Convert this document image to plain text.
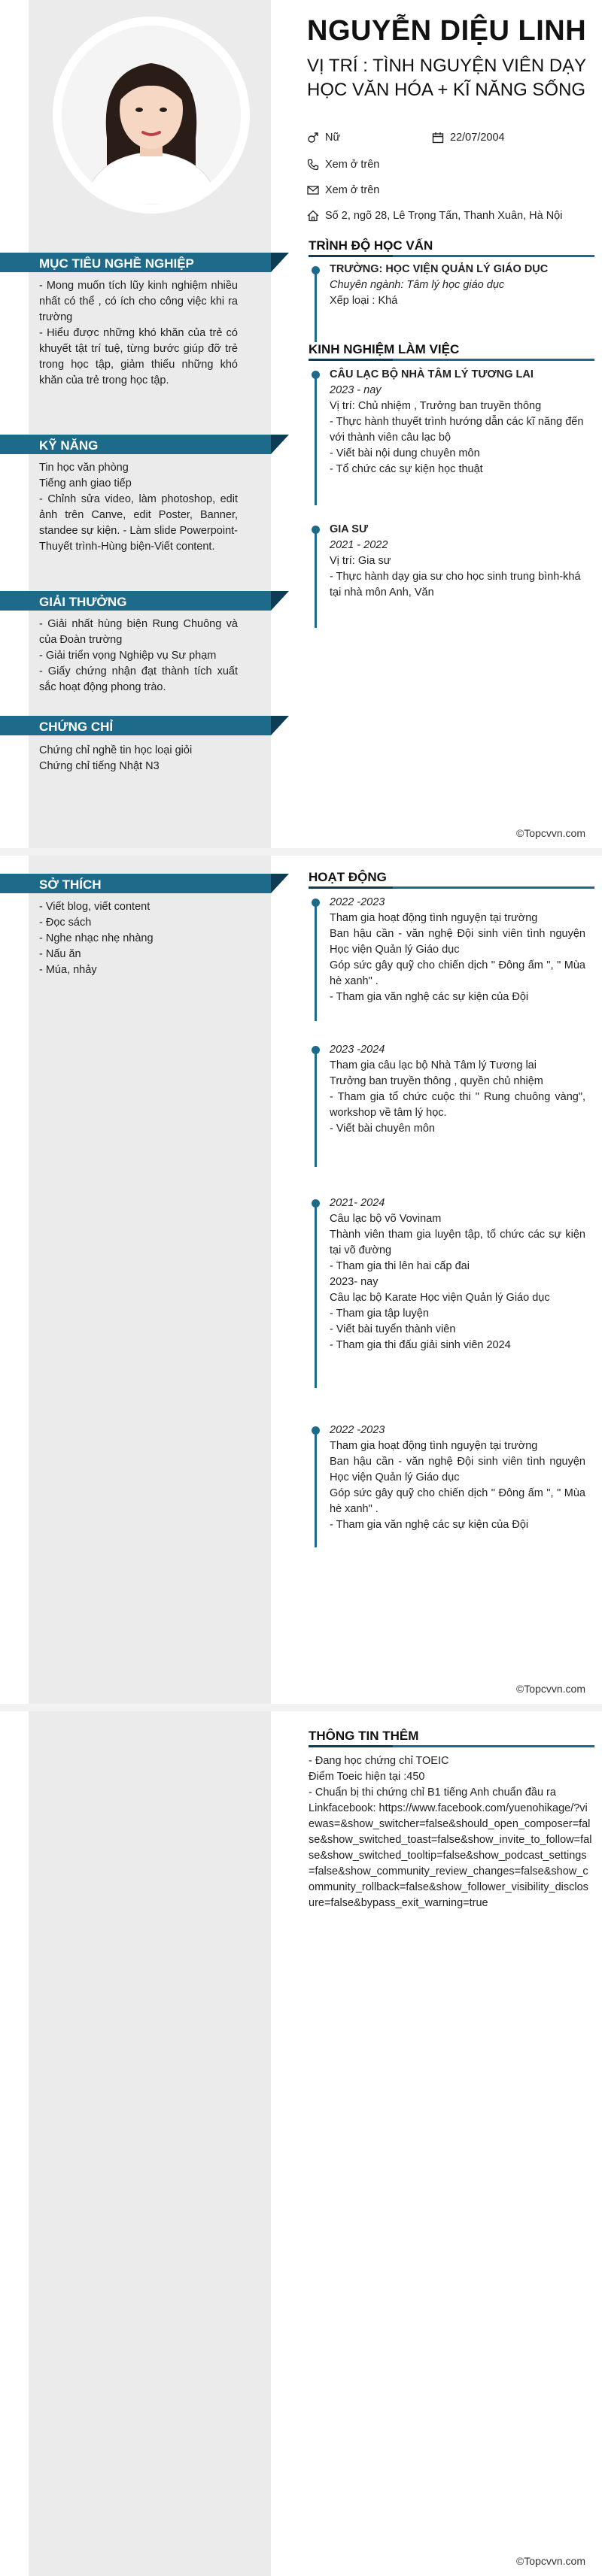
NGUYỄN DIỆU LINH
VỊ TRÍ : TÌNH NGUYỆN VIÊN DẠY HỌC VĂN HÓA + KĨ NĂNG SỐNG
Nữ	22/07/2004
Xem ở trên
Xem ở trên
Số 2, ngõ 28, Lê Trọng Tấn, Thanh Xuân, Hà Nội
MỤC TIÊU NGHỀ NGHIỆP

- Mong muốn tích lũy kinh nghiệm nhiều nhất có thể , có ích cho công việc khi ra trường

- Hiểu được những khó khăn của trẻ có khuyết tật trí tuệ, từng bước giúp đỡ trẻ trong học tập, giảm thiểu những khó khăn của trẻ trong học tập.

KỸ NĂNG

Tin học văn phòng

Tiếng anh giao tiếp

- Chỉnh sửa video, làm photoshop, edit ảnh trên Canve, edit Poster, Banner, standee sự kiện. - Làm slide Powerpoint- Thuyết trình-Hùng biện-Viết content.

GIẢI THƯỞNG

- Giải nhất hùng biện Rung Chuông và của Đoàn trường

- Giải triển vọng Nghiệp vụ Sư phạm

- Giấy chứng nhận đạt thành tích xuất sắc hoạt động phong trào.

CHỨNG CHỈ

Chứng chỉ nghề tin học loại giỏi

Chứng chỉ tiếng Nhật N3

TRÌNH ĐỘ HỌC VẤN

TRƯỜNG: HỌC VIỆN QUẢN LÝ GIÁO DỤC

Chuyên ngành: Tâm lý học giáo dục

Xếp loại : Khá

KINH NGHIỆM LÀM VIỆC

CÂU LẠC BỘ NHÀ TÂM LÝ TƯƠNG LAI

2023 - nay

Vị trí: Chủ nhiệm , Trưởng ban truyền thông

- Thực hành thuyết trình hướng dẫn các kĩ năng đến với thành viên câu lạc bộ

- Viết bài nội dung chuyên môn

- Tổ chức các sự kiện học thuật

GIA SƯ

2021 - 2022

Vị trí: Gia sư

- Thực hành dạy gia sư cho học sinh trung bình-khá tại nhà môn Anh, Văn

©Topcvvn.com
SỞ THÍCH

- Viết blog, viết content

- Đọc sách

- Nghe nhạc nhẹ nhàng

- Nấu ăn

- Múa, nhảy

HOẠT ĐỘNG

2022 -2023

Tham gia hoạt động tình nguyện tại trường

Ban hậu cần - văn nghệ Đội sinh viên tình nguyện Học viện Quản lý Giáo dục

Góp sức gây quỹ cho chiến dịch " Đông ấm ", " Mùa hè xanh" .

- Tham gia văn nghệ các sự kiện của Đội

2023 -2024

Tham gia câu lạc bộ Nhà Tâm lý Tương lai

Trưởng ban truyền thông , quyền chủ nhiệm

- Tham gia tổ chức cuộc thi " Rung chuông vàng", workshop về tâm lý học.

- Viết bài chuyên môn

2021- 2024

Câu lạc bộ võ Vovinam

Thành viên tham gia luyện tập, tổ chức các sự kiện tại võ đường

- Tham gia thi lên hai cấp đai

2023- nay

Câu lạc bộ Karate Học viện Quản lý Giáo dục

- Tham gia tập luyện

- Viết bài tuyển thành viên

- Tham gia thi đấu giải sinh viên 2024

2022 -2023

Tham gia hoạt động tình nguyện tại trường

Ban hậu cần - văn nghệ Đội sinh viên tình nguyện Học viện Quản lý Giáo dục

Góp sức gây quỹ cho chiến dịch " Đông ấm ", " Mùa hè xanh" .

- Tham gia văn nghệ các sự kiện của Đội

©Topcvvn.com
THÔNG TIN THÊM

- Đang học chứng chỉ TOEIC

Điểm Toeic hiện tại :450

- Chuẩn bị thi chứng chỉ B1 tiếng Anh chuẩn đầu ra

Linkfacebook: https://www.facebook.com/yuenohikage/?viewas=&show_switcher=false&should_open_composer=false&show_switched_toast=false&show_invite_to_follow=false&show_switched_tooltip=false&show_podcast_settings=false&show_community_review_changes=false&show_community_rollback=false&show_follower_visibility_disclosure=false&bypass_exit_warning=true

©Topcvvn.com
